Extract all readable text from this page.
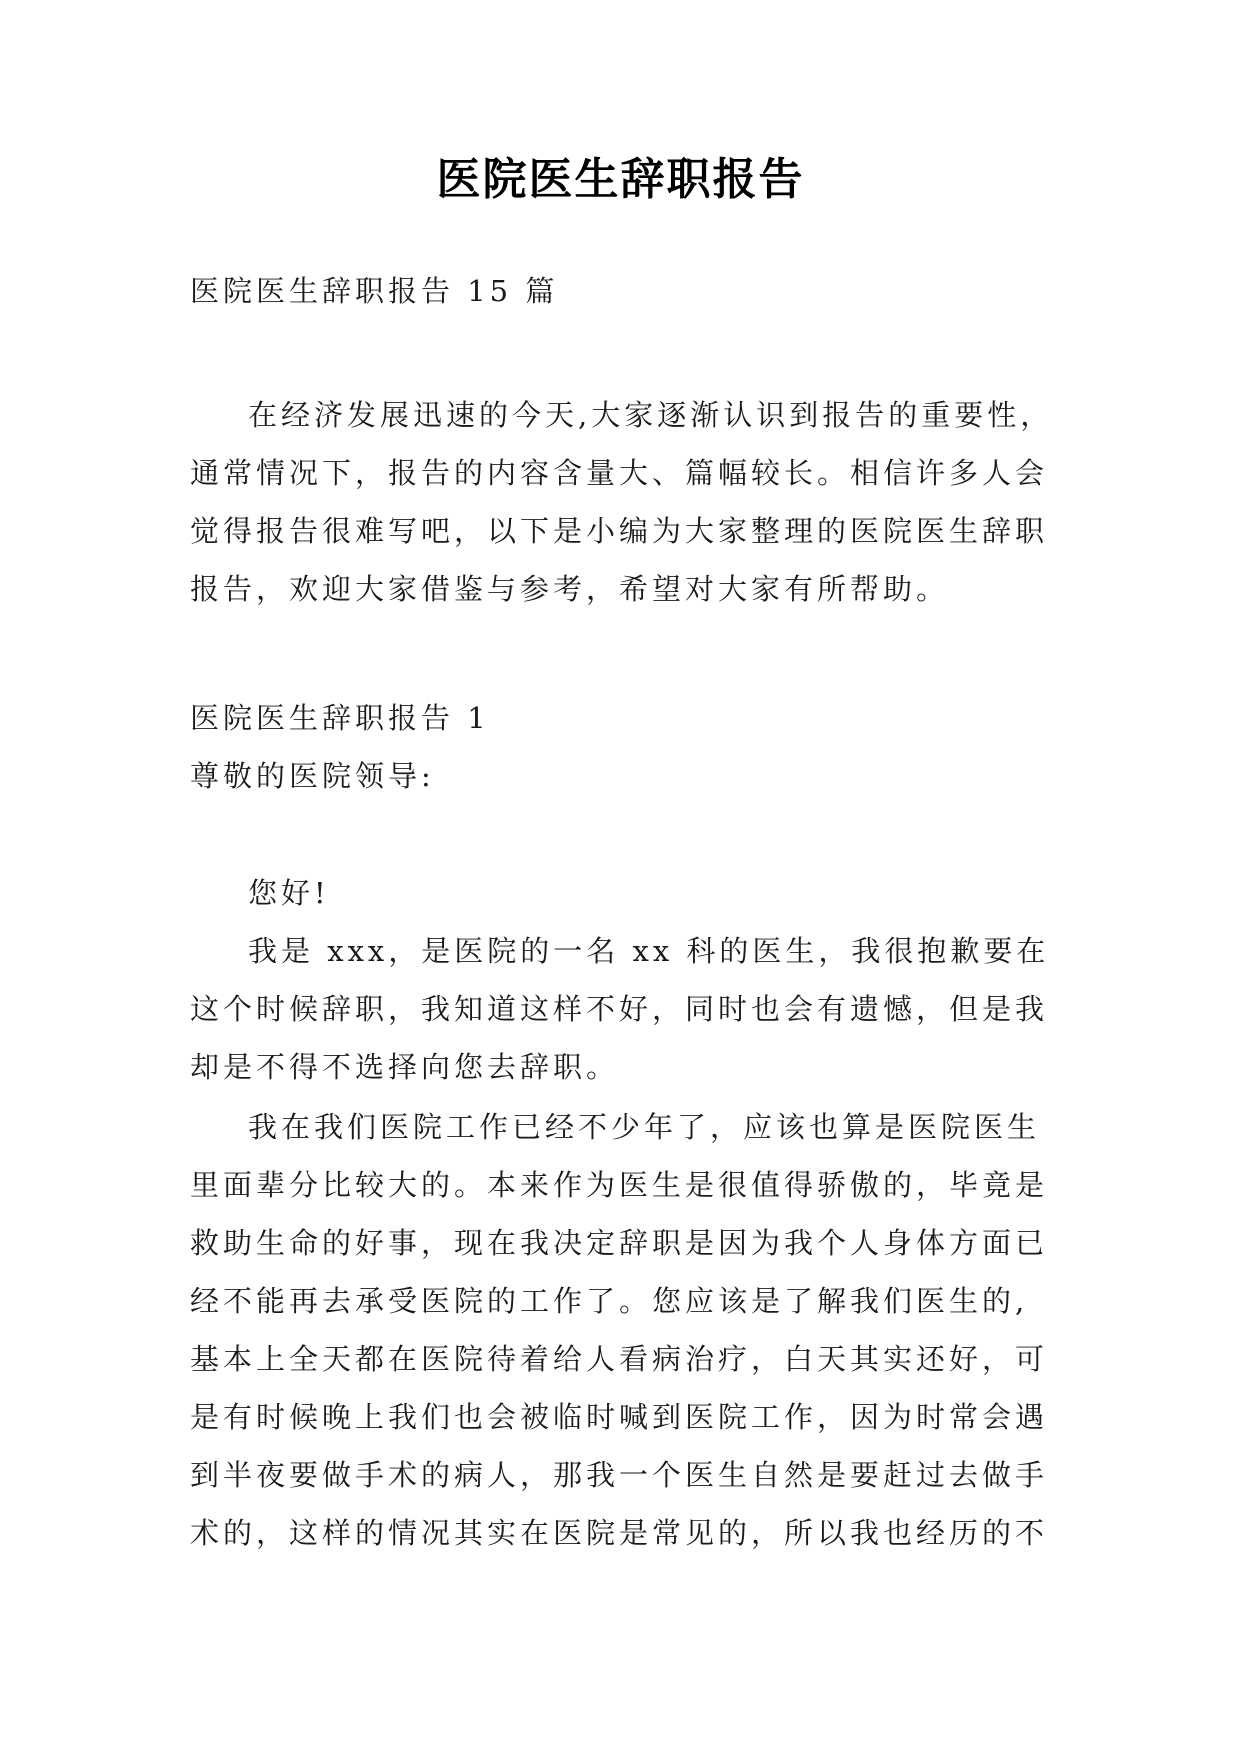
医院医生辞职报告

医院医生辞职报告 15 篇

在经济发展迅速的今天,大家逐渐认识到报告的重要性，通常情况下，报告的内容含量大、篇幅较长。相信许多人会觉得报告很难写吧，以下是小编为大家整理的医院医生辞职报告，欢迎大家借鉴与参考，希望对大家有所帮助。

医院医生辞职报告 1

尊敬的医院领导:

您好!

我是 xxx，是医院的一名 xx 科的医生，我很抱歉要在这个时候辞职，我知道这样不好，同时也会有遗憾，但是我却是不得不选择向您去辞职。

我在我们医院工作已经不少年了，应该也算是医院医生里面辈分比较大的。本来作为医生是很值得骄傲的，毕竟是救助生命的好事，现在我决定辞职是因为我个人身体方面已经不能再去承受医院的工作了。您应该是了解我们医生的,基本上全天都在医院待着给人看病治疗，白天其实还好，可是有时候晚上我们也会被临时喊到医院工作，因为时常会遇到半夜要做手术的病人，那我一个医生自然是要赶过去做手术的，这样的情况其实在医院是常见的，所以我也经历的不
